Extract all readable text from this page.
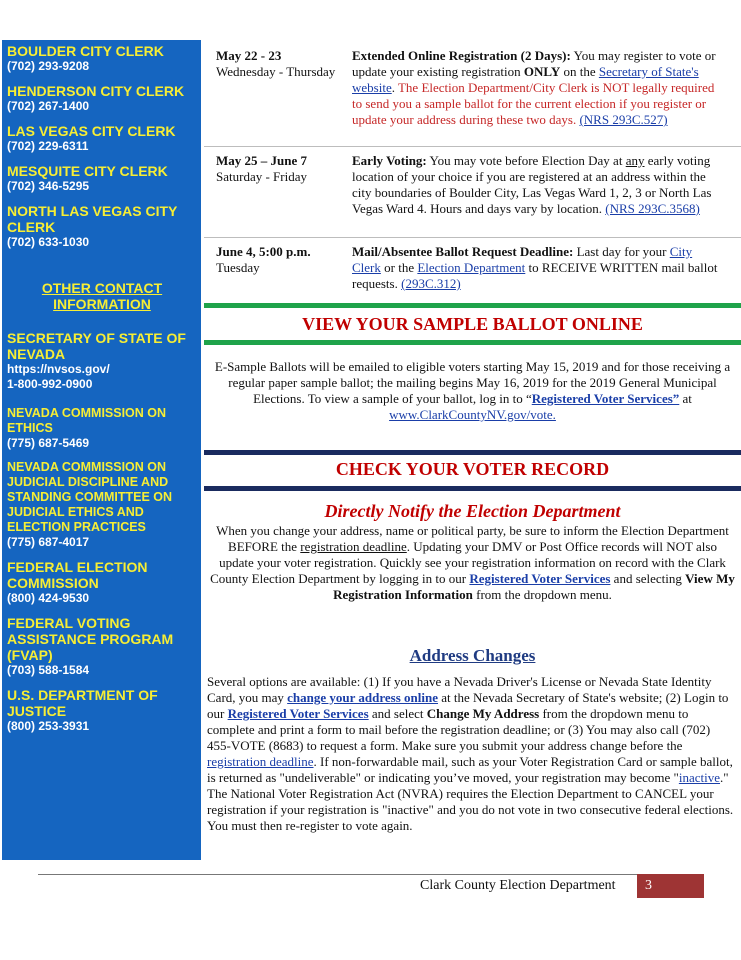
BOULDER CITY CLERK
(702) 293-9208
HENDERSON CITY CLERK
(702) 267-1400
LAS VEGAS CITY CLERK
(702) 229-6311
MESQUITE CITY CLERK
(702) 346-5295
NORTH LAS VEGAS CITY CLERK
(702) 633-1030
OTHER CONTACT INFORMATION
SECRETARY OF STATE OF NEVADA
https://nvsos.gov/
1-800-992-0900
NEVADA COMMISSION ON ETHICS
(775) 687-5469
NEVADA COMMISSION ON JUDICIAL DISCIPLINE AND STANDING COMMITTEE ON JUDICIAL ETHICS AND ELECTION PRACTICES
(775) 687-4017
FEDERAL ELECTION COMMISSION
(800) 424-9530
FEDERAL VOTING ASSISTANCE PROGRAM (FVAP)
(703) 588-1584
U.S. DEPARTMENT OF JUSTICE
(800) 253-3931
May 22 - 23
Wednesday - Thursday
Extended Online Registration (2 Days): You may register to vote or update your existing registration ONLY on the Secretary of State's website. The Election Department/City Clerk is NOT legally required to send you a sample ballot for the current election if you register or update your address during these two days. (NRS 293C.527)
May 25 – June 7
Saturday - Friday
Early Voting: You may vote before Election Day at any early voting location of your choice if you are registered at an address within the city boundaries of Boulder City, Las Vegas Ward 1, 2, 3 or North Las Vegas Ward 4. Hours and days vary by location. (NRS 293C.3568)
June 4, 5:00 p.m.
Tuesday
Mail/Absentee Ballot Request Deadline: Last day for your City Clerk or the Election Department to RECEIVE WRITTEN mail ballot requests. (293C.312)
VIEW YOUR SAMPLE BALLOT ONLINE
E-Sample Ballots will be emailed to eligible voters starting May 15, 2019 and for those receiving a regular paper sample ballot; the mailing begins May 16, 2019 for the 2019 General Municipal Elections. To view a sample of your ballot, log in to “Registered Voter Services” at www.ClarkCountyNV.gov/vote.
CHECK YOUR VOTER RECORD
Directly Notify the Election Department
When you change your address, name or political party, be sure to inform the Election Department BEFORE the registration deadline. Updating your DMV or Post Office records will NOT also update your voter registration. Quickly see your registration information on record with the Clark County Election Department by logging in to our Registered Voter Services and selecting View My Registration Information from the dropdown menu.
Address Changes
Several options are available: (1) If you have a Nevada Driver's License or Nevada State Identity Card, you may change your address online at the Nevada Secretary of State's website; (2) Login to our Registered Voter Services and select Change My Address from the dropdown menu to complete and print a form to mail before the registration deadline; or (3) You may also call (702) 455-VOTE (8683) to request a form. Make sure you submit your address change before the registration deadline. If non-forwardable mail, such as your Voter Registration Card or sample ballot, is returned as "undeliverable" or indicating you’ve moved, your registration may become "inactive." The National Voter Registration Act (NVRA) requires the Election Department to CANCEL your registration if your registration is "inactive" and you do not vote in two consecutive federal elections. You must then re-register to vote again.
Clark County Election Department	3
